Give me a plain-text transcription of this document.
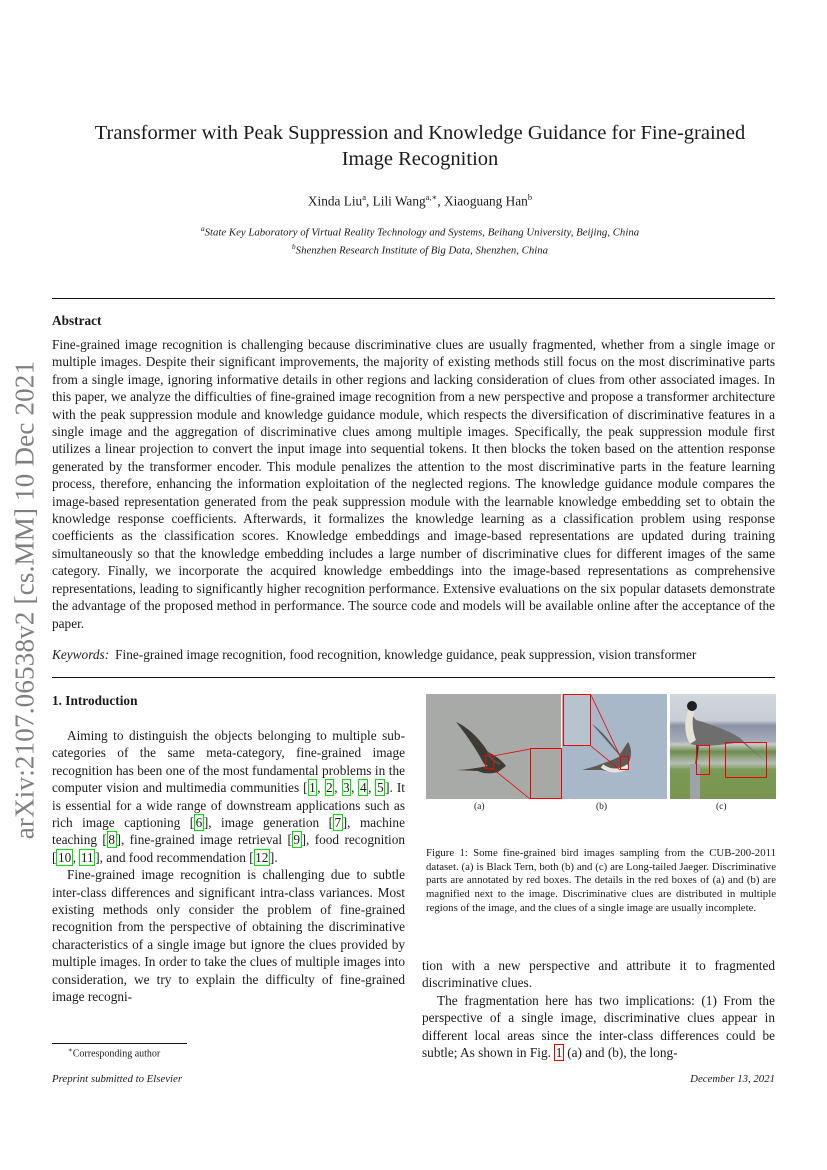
arXiv:2107.06538v2 [cs.MM] 10 Dec 2021
Transformer with Peak Suppression and Knowledge Guidance for Fine-grained
Image Recognition
Xinda Liu$^a$, Lili Wang$^{a,∗}$, Xiaoguang Han$^b$
$^a$State Key Laboratory of Virtual Reality Technology and Systems, Beihang University, Beijing, China
$^b$Shenzhen Research Institute of Big Data, Shenzhen, China
Abstract
Fine-grained image recognition is challenging because discriminative clues are usually fragmented, whether from a single image or multiple images. Despite their significant improvements, the majority of existing methods still focus on the most discriminative parts from a single image, ignoring informative details in other regions and lacking consideration of clues from other associated images. In this paper, we analyze the difficulties of fine-grained image recognition from a new perspective and propose a transformer architecture with the peak suppression module and knowledge guidance module, which respects the diversification of discriminative features in a single image and the aggregation of discriminative clues among multiple images. Specifically, the peak suppression module first utilizes a linear projection to convert the input image into sequential tokens. It then blocks the token based on the attention response generated by the transformer encoder. This module penalizes the attention to the most discriminative parts in the feature learning process, therefore, enhancing the information exploitation of the neglected regions. The knowledge guidance module compares the image-based representation generated from the peak suppression module with the learnable knowledge embedding set to obtain the knowledge response coefficients. Afterwards, it formalizes the knowledge learning as a classification problem using response coefficients as the classification scores. Knowledge embeddings and image-based representations are updated during training simultaneously so that the knowledge embedding includes a large number of discriminative clues for different images of the same category. Finally, we incorporate the acquired knowledge embeddings into the image-based representations as comprehensive representations, leading to significantly higher recognition performance. Extensive evaluations on the six popular datasets demonstrate the advantage of the proposed method in performance. The source code and models will be available online after the acceptance of the paper.
Keywords: Fine-grained image recognition, food recognition, knowledge guidance, peak suppression, vision transformer
1. Introduction

Aiming to distinguish the objects belonging to multiple sub-categories of the same meta-category, fine-grained image recognition has been one of the most fundamental problems in the computer vision and multimedia communities [ 1 , 2 , 3 , 4 , 5 ]. It is essential for a wide range of downstream applications such as rich image captioning [ 6 ], image generation [ 7 ], machine teaching [ 8 ], fine-grained image retrieval [ 9 ], food recognition [ 10 , 11 ], and food recommendation [ 12 ].

Fine-grained image recognition is challenging due to subtle inter-class differences and significant intra-class variances. Most existing methods only consider the problem of fine-grained recognition from the perspective of obtaining the discriminative characteristics of a single image but ignore the clues provided by multiple images. In order to take the clues of multiple images into consideration, we try to explain the difficulty of fine-grained image recogni-

(a)	(b)	(c)
Figure 1: Some fine-grained bird images sampling from the CUB-200-2011 dataset. (a) is Black Tern, both (b) and (c) are Long-tailed Jaeger. Discriminative parts are annotated by red boxes. The details in the red boxes of (a) and (b) are magnified next to the image. Discriminative clues are distributed in multiple regions of the image, and the clues of a single image are usually incomplete.

tion with a new perspective and attribute it to fragmented discriminative clues.

The fragmentation here has two implications: (1) From the perspective of a single image, discriminative clues appear in different local areas since the inter-class differences could be subtle; As shown in Fig. 1 (a) and (b), the long-

∗Corresponding author
Preprint submitted to Elsevier	December 13, 2021
